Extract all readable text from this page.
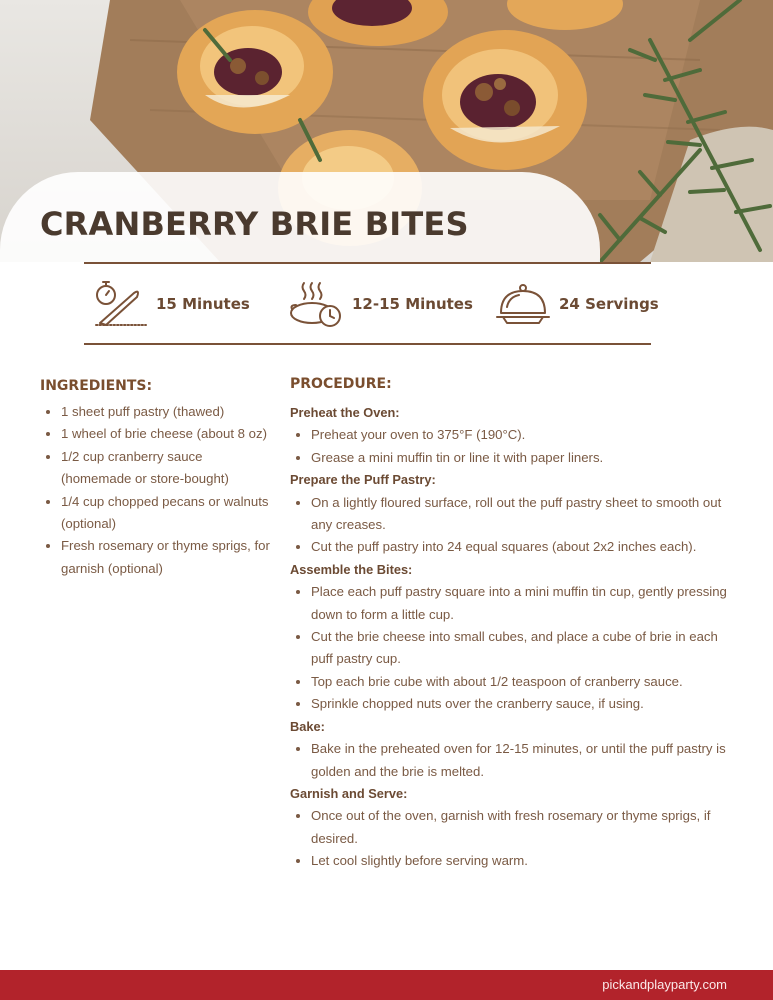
CRANBERRY BRIE BITES
15 Minutes	12-15 Minutes	24 Servings
INGREDIENTS:
1 sheet puff pastry (thawed)
1 wheel of brie cheese (about 8 oz)
1/2 cup cranberry sauce (homemade or store-bought)
1/4 cup chopped pecans or walnuts (optional)
Fresh rosemary or thyme sprigs, for garnish (optional)
PROCEDURE:
Preheat the Oven:
Preheat your oven to 375°F (190°C).
Grease a mini muffin tin or line it with paper liners.
Prepare the Puff Pastry:
On a lightly floured surface, roll out the puff pastry sheet to smooth out any creases.
Cut the puff pastry into 24 equal squares (about 2x2 inches each).
Assemble the Bites:
Place each puff pastry square into a mini muffin tin cup, gently pressing down to form a little cup.
Cut the brie cheese into small cubes, and place a cube of brie in each puff pastry cup.
Top each brie cube with about 1/2 teaspoon of cranberry sauce.
Sprinkle chopped nuts over the cranberry sauce, if using.
Bake:
Bake in the preheated oven for 12-15 minutes, or until the puff pastry is golden and the brie is melted.
Garnish and Serve:
Once out of the oven, garnish with fresh rosemary or thyme sprigs, if desired.
Let cool slightly before serving warm.
pickandplayparty.com
